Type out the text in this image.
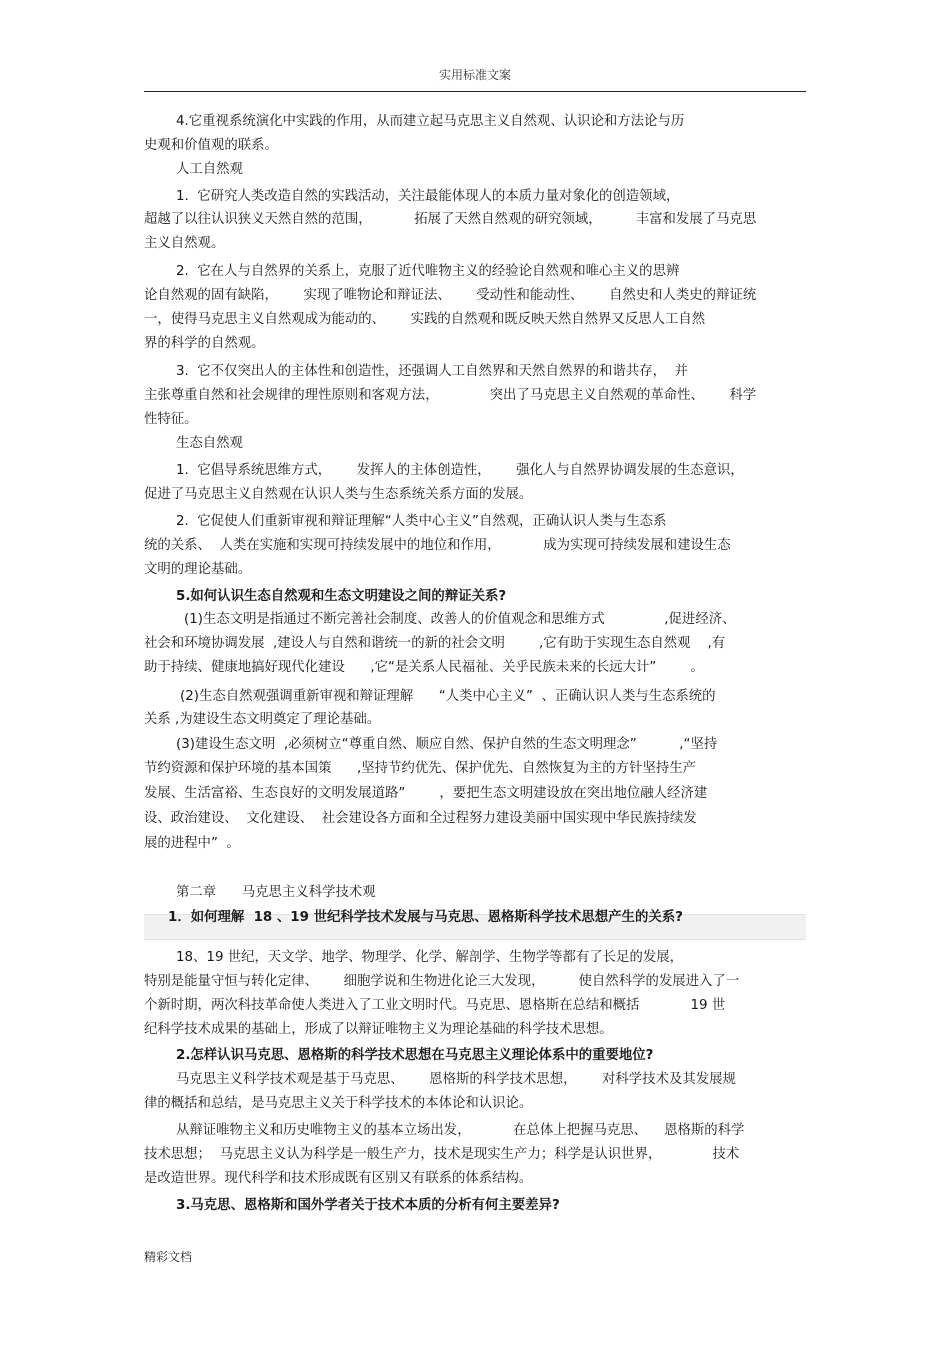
实用标准文案
4.它重视系统演化中实践的作用，从而建立起马克思主义自然观、认识论和方法论与历
史观和价值观的联系。
人工自然观
1.  它研究人类改造自然的实践活动，关注最能体现人的本质力量对象化的创造领域，
超越了以往认识狭义天然自然的范围，          拓展了天然自然观的研究领域，        丰富和发展了马克思
主义自然观。
2.  它在人与自然界的关系上，克服了近代唯物主义的经验论自然观和唯心主义的思辨
论自然观的固有缺陷，      实现了唯物论和辩证法、      受动性和能动性、      自然史和人类史的辩证统
一，使得马克思主义自然观成为能动的、      实践的自然观和既反映天然自然界又反思人工自然
界的科学的自然观。
3.  它不仅突出人的主体性和创造性，还强调人工自然界和天然自然界的和谐共存，  并
主张尊重自然和社会规律的理性原则和客观方法，            突出了马克思主义自然观的革命性、      科学
性特征。
生态自然观
1.  它倡导系统思维方式，      发挥人的主体创造性，      强化人与自然界协调发展的生态意识，
促进了马克思主义自然观在认识人类与生态系统关系方面的发展。
2.  它促使人们重新审视和辩证理解“人类中心主义”自然观，正确认识人类与生态系
统的关系、  人类在实施和实现可持续发展中的地位和作用，          成为实现可持续发展和建设生态
文明的理论基础。
5.如何认识生态自然观和生态文明建设之间的辩证关系?
(1)生态文明是指通过不断完善社会制度、改善人的价值观念和思维方式              ,促进经济、
社会和环境协调发展  ,建设人与自然和谐统一的新的社会文明        ,它有助于实现生态自然观    ,有
助于持续、健康地搞好现代化建设      ,它“是关系人民福祉、关乎民族未来的长远大计”        。
(2)生态自然观强调重新审视和辩证理解      “人类中心主义”  、正确认识人类与生态系统的
关系 ,为建设生态文明奠定了理论基础。
(3)建设生态文明  ,必须树立“尊重自然、顺应自然、保护自然的生态文明理念”          ,“坚持
节约资源和保护环境的基本国策      ,坚持节约优先、保护优先、自然恢复为主的方针坚持生产
发展、生活富裕、生态良好的文明发展道路”        ，要把生态文明建设放在突出地位融人经济建
设、政治建设、  文化建设、  社会建设各方面和全过程努力建设美丽中国实现中华民族持续发
展的进程中”  。
第二章      马克思主义科学技术观
1．如何理解  18 、19 世纪科学技术发展与马克思、恩格斯科学技术思想产生的关系?
18、19 世纪，天文学、地学、物理学、化学、解剖学、生物学等都有了长足的发展，
特别是能量守恒与转化定律、      细胞学说和生物进化论三大发现，        使自然科学的发展进入了一
个新时期，两次科技革命使人类进入了工业文明时代。马克思、恩格斯在总结和概括            19 世
纪科学技术成果的基础上，形成了以辩证唯物主义为理论基础的科学技术思想。
2.怎样认识马克思、恩格斯的科学技术思想在马克思主义理论体系中的重要地位?
马克思主义科学技术观是基于马克思、      恩格斯的科学技术思想，      对科学技术及其发展规
律的概括和总结，是马克思主义关于科学技术的本体论和认识论。
从辩证唯物主义和历史唯物主义的基本立场出发，          在总体上把握马克思、    恩格斯的科学
技术思想；  马克思主义认为科学是一般生产力，技术是现实生产力；科学是认识世界，            技术
是改造世界。现代科学和技术形成既有区别又有联系的体系结构。
3.马克思、恩格斯和国外学者关于技术本质的分析有何主要差异?
精彩文档
